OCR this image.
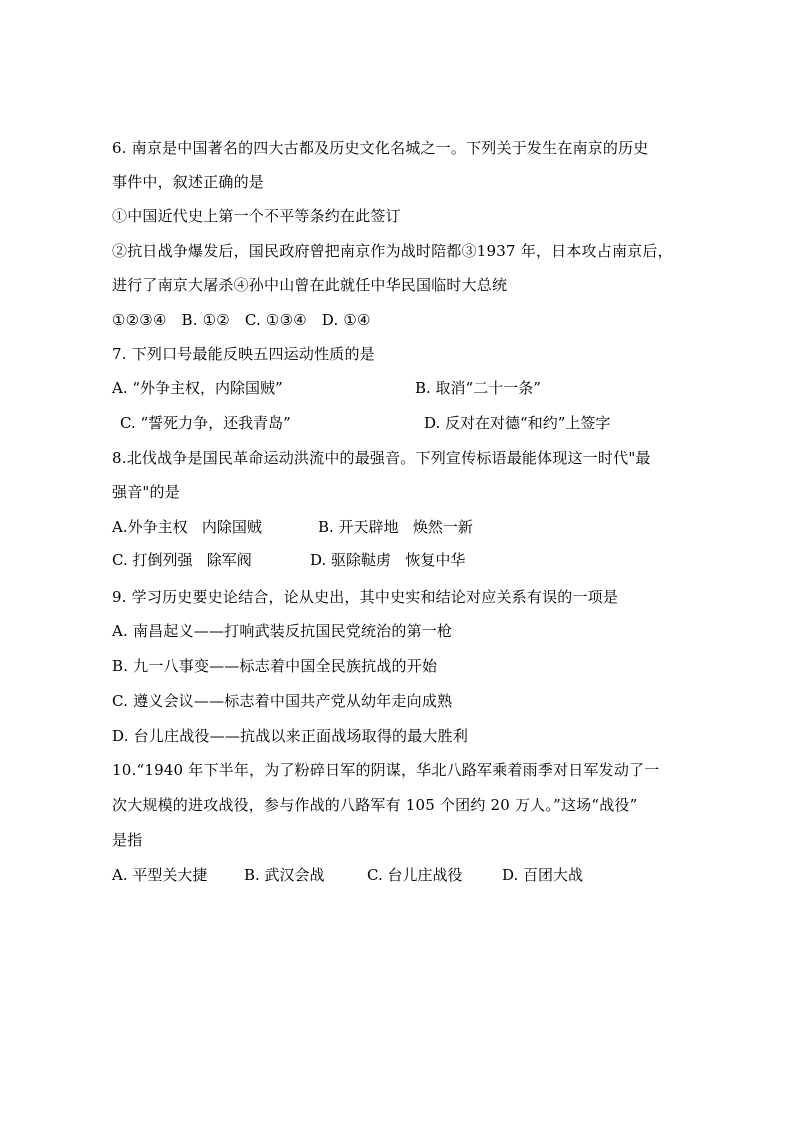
6. 南京是中国著名的四大古都及历史文化名城之一。下列关于发生在南京的历史
事件中，叙述正确的是
①中国近代史上第一个不平等条约在此签订
②抗日战争爆发后，国民政府曾把南京作为战时陪都③1937 年，日本攻占南京后，
进行了南京大屠杀④孙中山曾在此就任中华民国临时大总统
①②③④   B. ①②   C. ①③④   D. ①④
7. 下列口号最能反映五四运动性质的是

A. “外争主权，内除国贼”

	B. 取消“二十一条”

C. “誓死力争，还我青岛”

	D. 反对在对德“和约”上签字

8.北伐战争是国民革命运动洪流中的最强音。下列宣传标语最能体现这一时代"最
强音"的是

A.外争主权   内除国贼

	B. 开天辟地   焕然一新

C. 打倒列强   除军阀

	D. 驱除鞑虏   恢复中华

9. 学习历史要史论结合，论从史出，其中史实和结论对应关系有误的一项是
A. 南昌起义——打响武装反抗国民党统治的第一枪
B. 九一八事变——标志着中国全民族抗战的开始
C. 遵义会议——标志着中国共产党从幼年走向成熟
D. 台儿庄战役——抗战以来正面战场取得的最大胜利
10.“1940 年下半年，为了粉碎日军的阴谋，华北八路军乘着雨季对日军发动了一
次大规模的进攻战役，参与作战的八路军有 105 个团约 20 万人。”这场“战役”
是指

A. 平型关大捷

B. 武汉会战

	C. 台儿庄战役

	D. 百团大战
